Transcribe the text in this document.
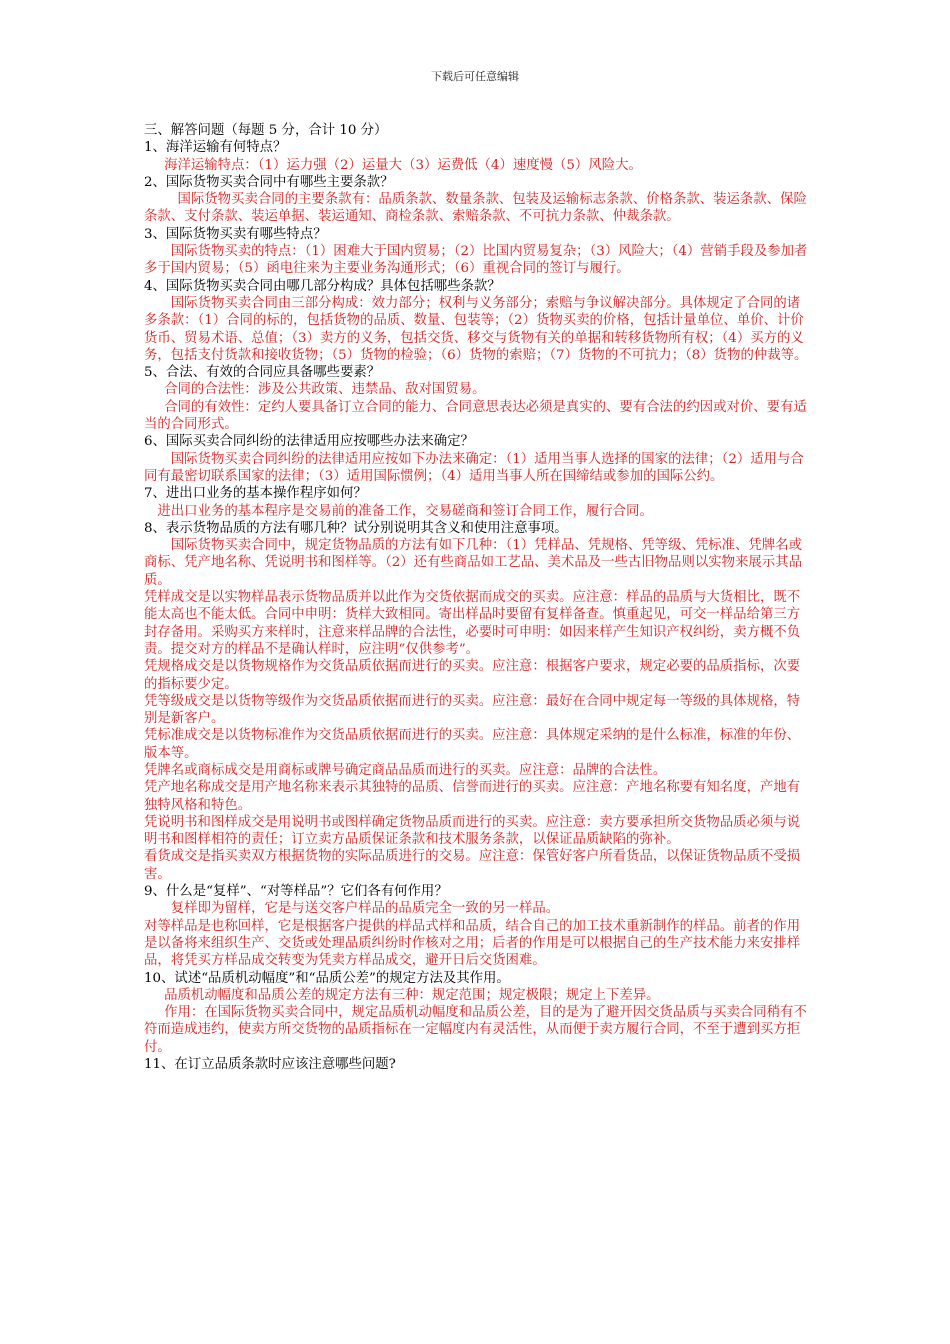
下载后可任意编辑

三、解答问题（每题 5 分，合计 10 分）

1、海洋运输有何特点？

海洋运输特点：（1）运力强（2）运量大（3）运费低（4）速度慢（5）风险大。

2、国际货物买卖合同中有哪些主要条款？

国际货物买卖合同的主要条款有：品质条款、数量条款、包装及运输标志条款、价格条款、装运条款、保险条款、支付条款、装运单据、装运通知、商检条款、索赔条款、不可抗力条款、仲裁条款。

3、国际货物买卖有哪些特点？

国际货物买卖的特点：（1）困难大于国内贸易；（2）比国内贸易复杂；（3）风险大；（4）营销手段及参加者多于国内贸易；（5）函电往来为主要业务沟通形式；（6）重视合同的签订与履行。

4、国际货物买卖合同由哪几部分构成？具体包括哪些条款？

国际货物买卖合同由三部分构成：效力部分；权利与义务部分；索赔与争议解决部分。具体规定了合同的诸多条款：（1）合同的标的，包括货物的品质、数量、包装等；（2）货物买卖的价格，包括计量单位、单价、计价货币、贸易术语、总值；（3）卖方的义务，包括交货、移交与货物有关的单据和转移货物所有权；（4）买方的义务，包括支付货款和接收货物；（5）货物的检验；（6）货物的索赔；（7）货物的不可抗力；（8）货物的仲裁等。

5、合法、有效的合同应具备哪些要素？

合同的合法性：涉及公共政策、违禁品、敌对国贸易。

合同的有效性：定约人要具备订立合同的能力、合同意思表达必须是真实的、要有合法的约因或对价、要有适当的合同形式。

6、国际买卖合同纠纷的法律适用应按哪些办法来确定？

国际货物买卖合同纠纷的法律适用应按如下办法来确定：（1）适用当事人选择的国家的法律；（2）适用与合同有最密切联系国家的法律；（3）适用国际惯例；（4）适用当事人所在国缔结或参加的国际公约。

7、进出口业务的基本操作程序如何？

进出口业务的基本程序是交易前的准备工作，交易磋商和签订合同工作，履行合同。

8、表示货物品质的方法有哪几种？试分别说明其含义和使用注意事项。

国际货物买卖合同中，规定货物品质的方法有如下几种：（1）凭样品、凭规格、凭等级、凭标准、凭牌名或商标、凭产地名称、凭说明书和图样等。（2）还有些商品如工艺品、美术品及一些古旧物品则以实物来展示其品质。

凭样成交是以实物样品表示货物品质并以此作为交货依据而成交的买卖。应注意：样品的品质与大货相比，既不能太高也不能太低。合同中申明：货样大致相同。寄出样品时要留有复样备查。慎重起见，可交一样品给第三方封存备用。采购买方来样时，注意来样品牌的合法性，必要时可申明：如因来样产生知识产权纠纷，卖方概不负责。提交对方的样品不是确认样时，应注明“仅供参考”。

凭规格成交是以货物规格作为交货品质依据而进行的买卖。应注意：根据客户要求，规定必要的品质指标，次要的指标要少定。

凭等级成交是以货物等级作为交货品质依据而进行的买卖。应注意：最好在合同中规定每一等级的具体规格，特别是新客户。

凭标准成交是以货物标准作为交货品质依据而进行的买卖。应注意：具体规定采纳的是什么标准，标准的年份、版本等。

凭牌名或商标成交是用商标或牌号确定商品品质而进行的买卖。应注意：品牌的合法性。

凭产地名称成交是用产地名称来表示其独特的品质、信誉而进行的买卖。应注意：产地名称要有知名度，产地有独特风格和特色。

凭说明书和图样成交是用说明书或图样确定货物品质而进行的买卖。应注意：卖方要承担所交货物品质必须与说明书和图样相符的责任；订立卖方品质保证条款和技术服务条款，以保证品质缺陷的弥补。

看货成交是指买卖双方根据货物的实际品质进行的交易。应注意：保管好客户所看货品，以保证货物品质不受损害。

9、什么是“复样”、“对等样品”？它们各有何作用？

复样即为留样，它是与送交客户样品的品质完全一致的另一样品。

对等样品是也称回样，它是根据客户提供的样品式样和品质，结合自己的加工技术重新制作的样品。前者的作用是以备将来组织生产、交货或处理品质纠纷时作核对之用；后者的作用是可以根据自己的生产技术能力来安排样品，将凭买方样品成交转变为凭卖方样品成交，避开日后交货困难。

10、试述“品质机动幅度”和“品质公差”的规定方法及其作用。

品质机动幅度和品质公差的规定方法有三种：规定范围；规定极限；规定上下差异。

作用：在国际货物买卖合同中，规定品质机动幅度和品质公差，目的是为了避开因交货品质与买卖合同稍有不符而造成违约，使卖方所交货物的品质指标在一定幅度内有灵活性，从而便于卖方履行合同，不至于遭到买方拒付。

11、在订立品质条款时应该注意哪些问题?
